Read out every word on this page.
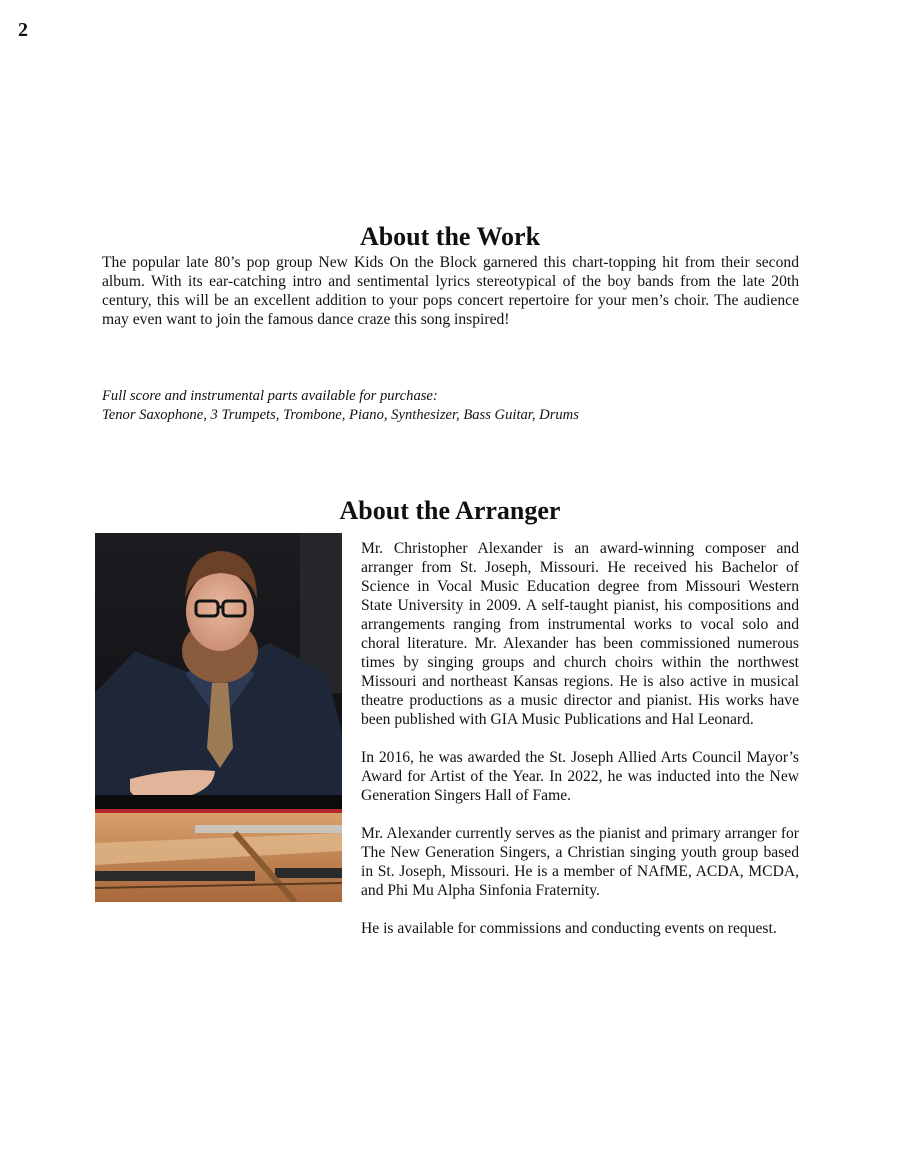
2
About the Work

The popular late 80’s pop group New Kids On the Block garnered this chart-topping hit from their second album. With its ear-catching intro and sentimental lyrics stereotypical of the boy bands from the late 20th century, this will be an excellent addition to your pops concert repertoire for your men’s choir. The audience may even want to join the famous dance craze this song inspired!

Full score and instrumental parts available for purchase:
Tenor Saxophone, 3 Trumpets, Trombone, Piano, Synthesizer, Bass Guitar, Drums
About the Arranger

Mr. Christopher Alexander is an award-winning composer and arranger from St. Joseph, Missouri. He received his Bachelor of Science in Vocal Music Education degree from Missouri Western State University in 2009. A self-taught pianist, his compositions and arrangements ranging from instrumental works to vocal solo and choral literature. Mr. Alexander has been commissioned numerous times by singing groups and church choirs within the northwest Missouri and northeast Kansas regions. He is also active in musical theatre productions as a music director and pianist. His works have been published with GIA Music Publications and Hal Leonard.

In 2016, he was awarded the St. Joseph Allied Arts Council Mayor’s Award for Artist of the Year. In 2022, he was inducted into the New Generation Singers Hall of Fame.

Mr. Alexander currently serves as the pianist and primary arranger for The New Generation Singers, a Christian singing youth group based in St. Joseph, Missouri. He is a member of NAfME, ACDA, MCDA, and Phi Mu Alpha Sinfonia Fraternity.

He is available for commissions and conducting events on request.
